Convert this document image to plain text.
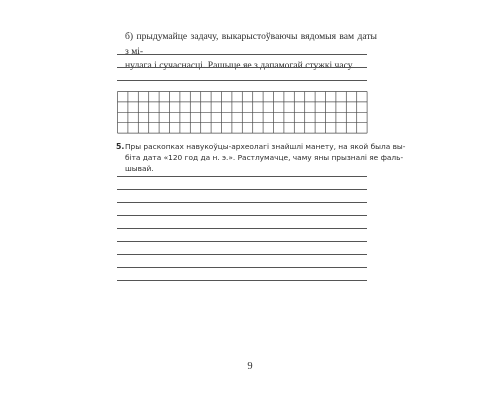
б) прыдумайце задачу, выкарыстоўваючы вядомыя вам даты з мі-
нулага і сучаснасці. Рашыце яе з дапамогай стужкі часу.
5. Пры раскопках навукоўцы-археолагі знайшлі манету, на якой была вы-
біта дата «120 год да н. э.». Растлумачце, чаму яны прызналі яе фаль-
шывай.
9
